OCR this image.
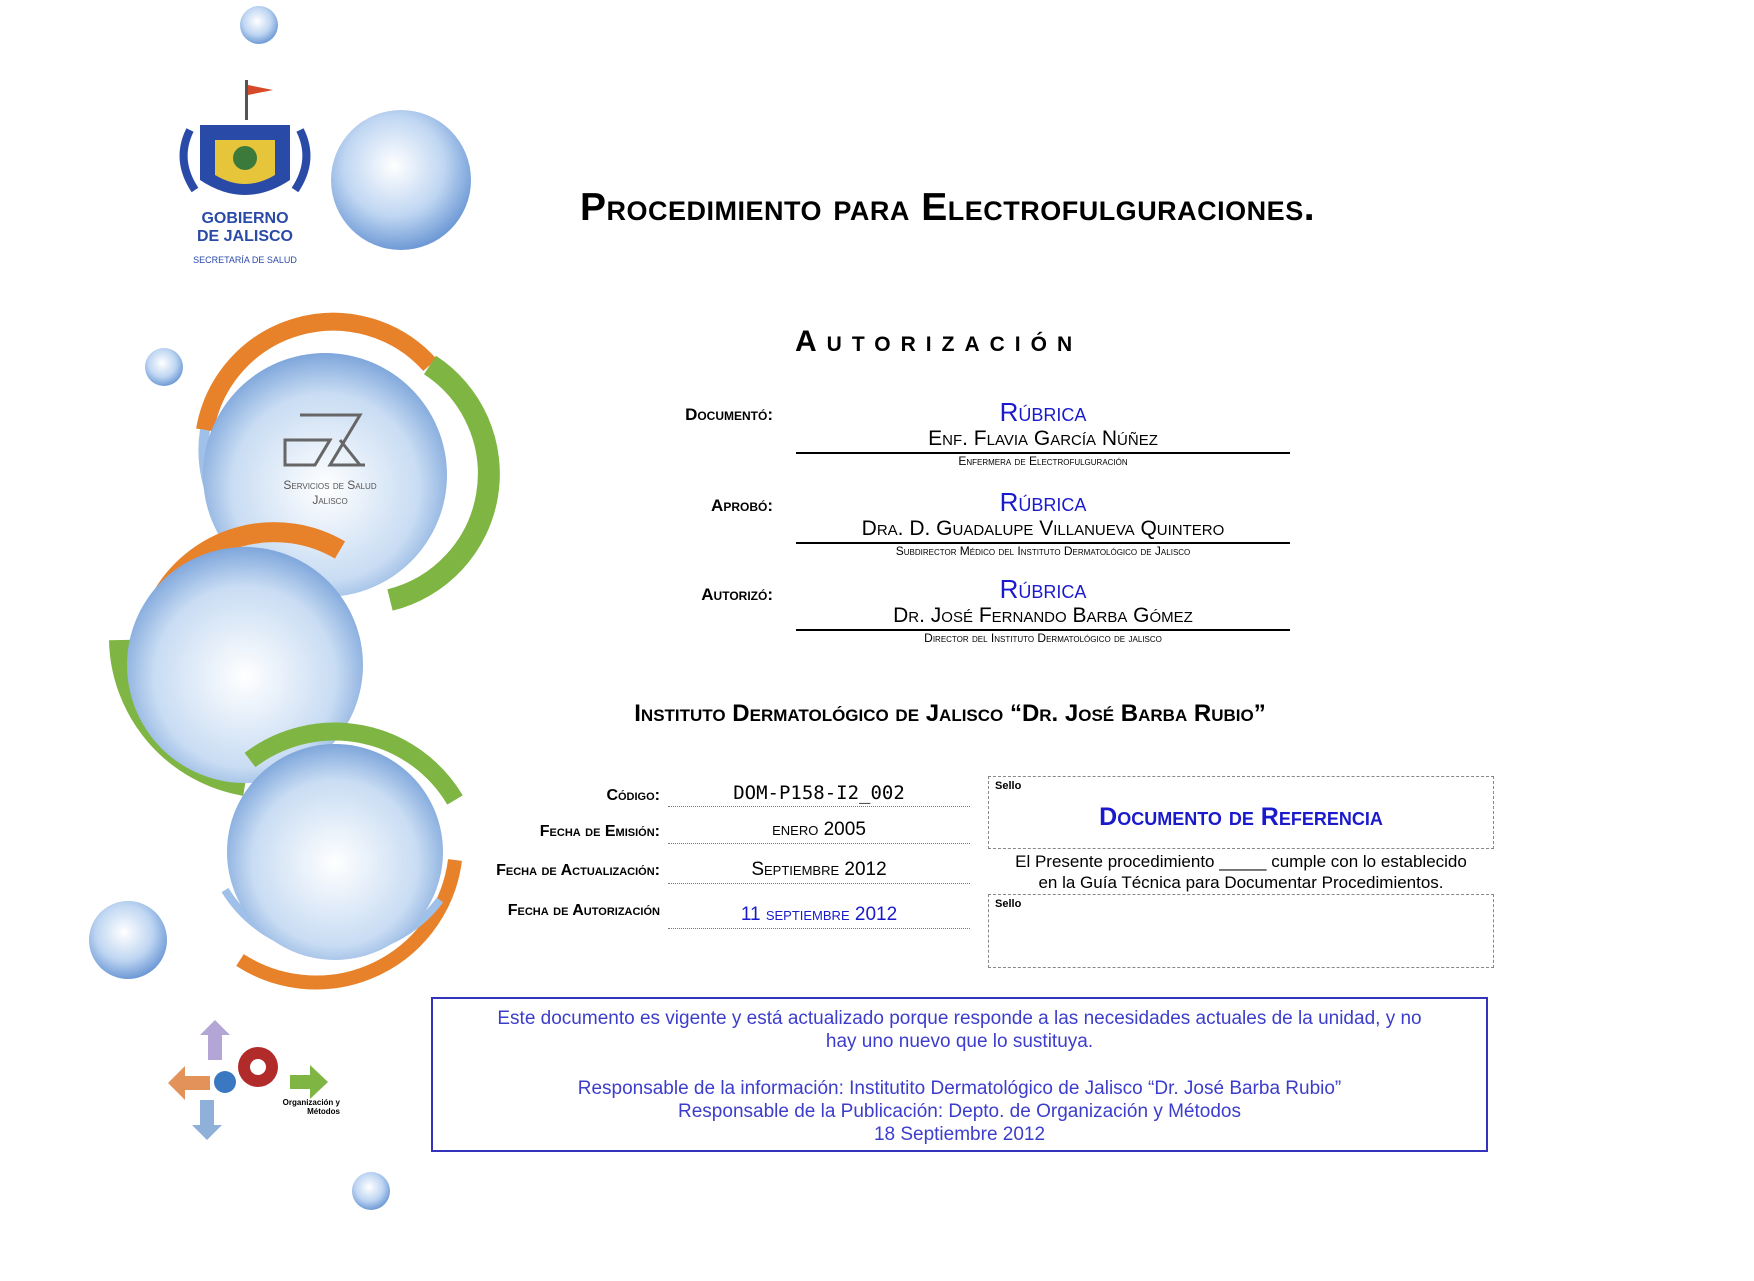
GOBIERNO
DE JALISCO
SECRETARÍA DE SALUD
Servicios de Salud
Jalisco
Organización y
Métodos
Procedimiento para Electrofulguraciones.
Autorización
Documentó:	Rúbrica
Enf. Flavia García Núñez
Enfermera de Electrofulguración
Aprobó:	Rúbrica
Dra. D. Guadalupe Villanueva Quintero
Subdirector Médico del Instituto Dermatológico de Jalisco
Autorizó:	Rúbrica
Dr. José Fernando Barba Gómez
Director del Instituto Dermatológico de jalisco
Instituto Dermatológico de Jalisco “Dr. José Barba Rubio”
Código:	DOM-P158-I2_002
Fecha de Emisión:	enero 2005
Fecha de Actualización:	Septiembre 2012
Fecha de Autorización	11 septiembre 2012
Sello
Documento de Referencia
El Presente procedimiento _____ cumple con lo establecido
en la Guía Técnica para Documentar Procedimientos.
Sello
Este documento es vigente y está actualizado porque responde a las necesidades actuales de la unidad, y no
hay uno nuevo que lo sustituya.
Responsable de la información: Institutito Dermatológico de Jalisco “Dr. José Barba Rubio”
Responsable de la Publicación: Depto. de Organización y Métodos
18 Septiembre 2012
